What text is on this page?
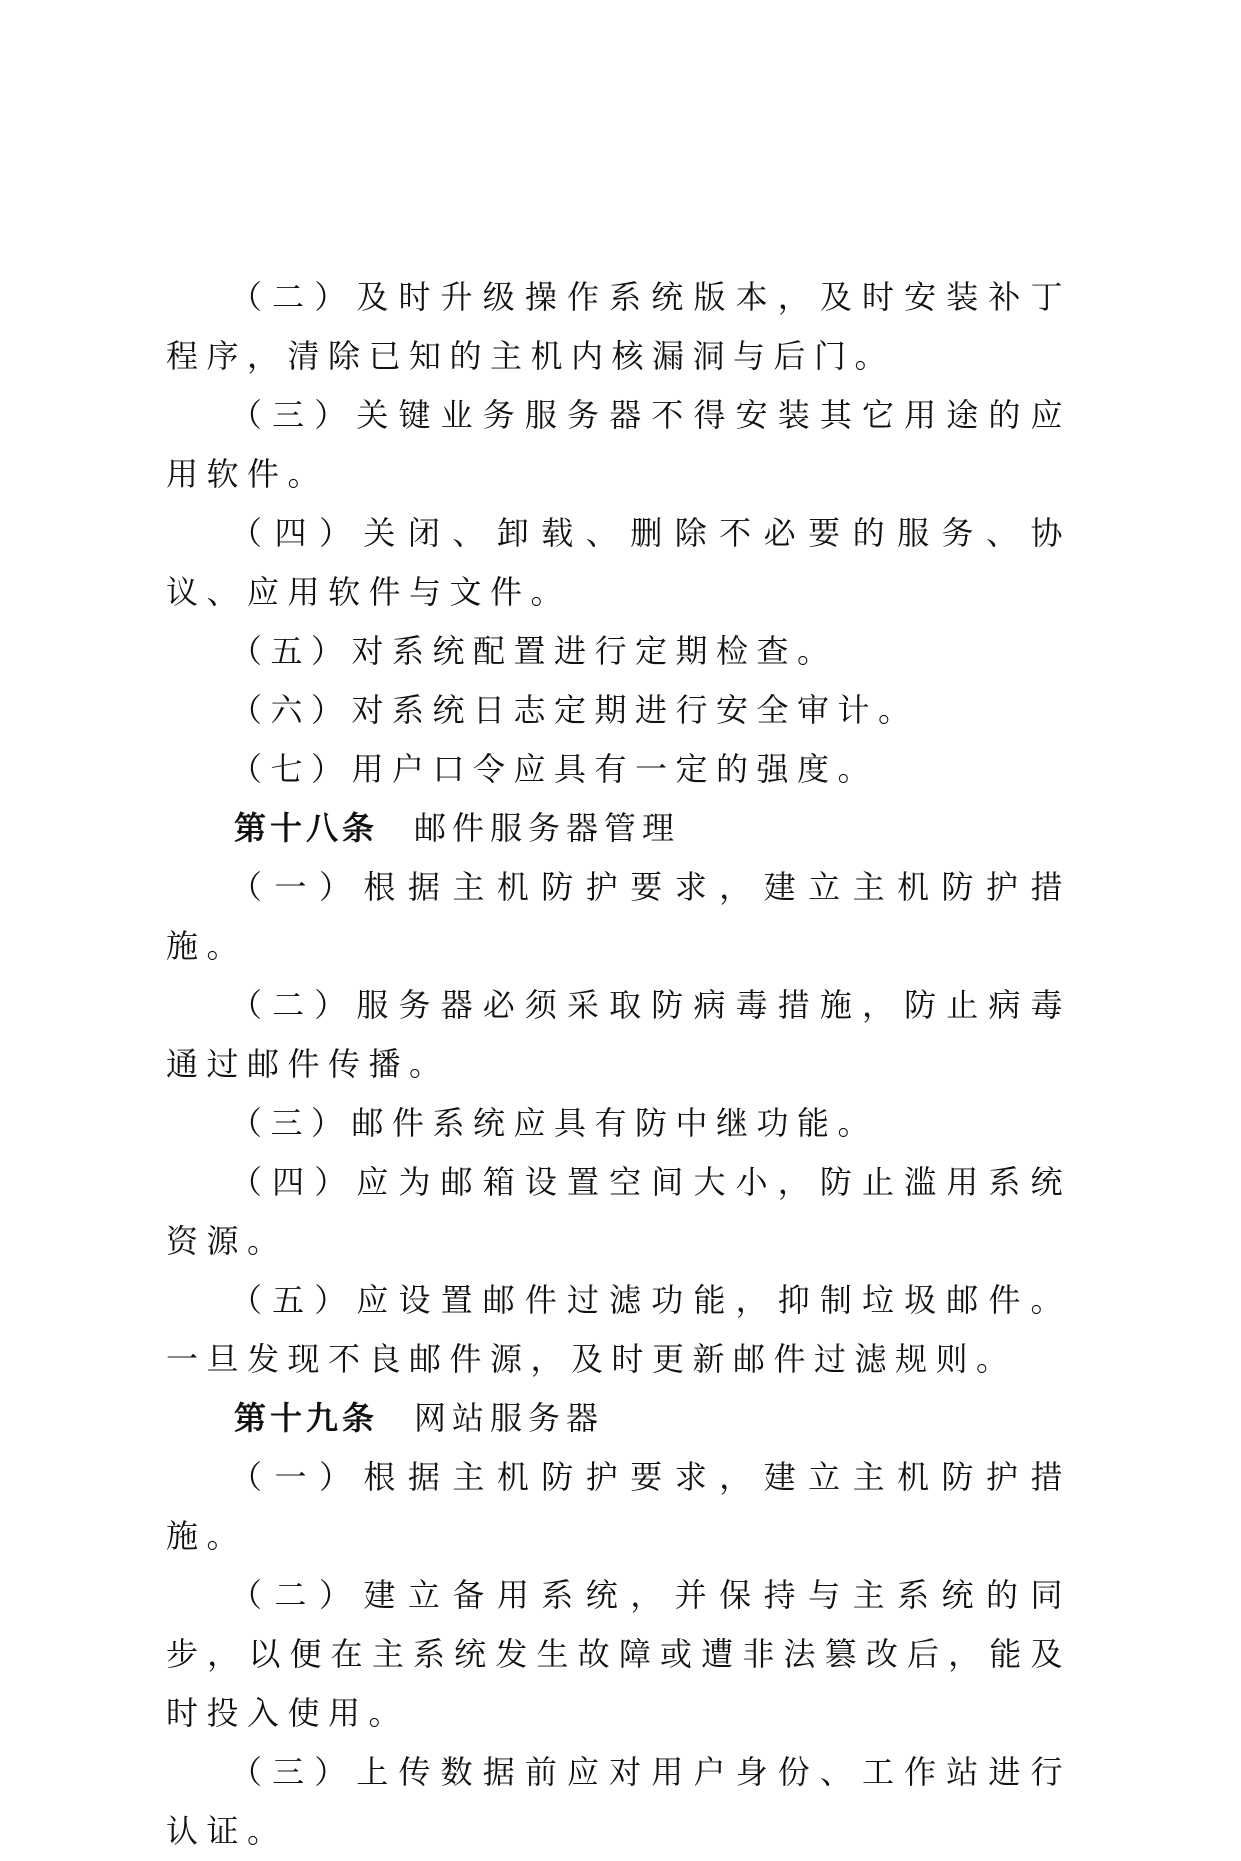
（二）及时升级操作系统版本，及时安装补丁程序，清除已知的主机内核漏洞与后门。

（三）关键业务服务器不得安装其它用途的应用软件。

（四）关闭、卸载、删除不必要的服务、协议、应用软件与文件。

（五）对系统配置进行定期检查。

（六）对系统日志定期进行安全审计。

（七）用户口令应具有一定的强度。

第十八条 邮件服务器管理

（一）根据主机防护要求，建立主机防护措施。

（二）服务器必须采取防病毒措施，防止病毒通过邮件传播。

（三）邮件系统应具有防中继功能。

（四）应为邮箱设置空间大小，防止滥用系统资源。

（五）应设置邮件过滤功能，抑制垃圾邮件。一旦发现不良邮件源，及时更新邮件过滤规则。

第十九条 网站服务器

（一）根据主机防护要求，建立主机防护措施。

（二）建立备用系统，并保持与主系统的同步，以便在主系统发生故障或遭非法篡改后，能及时投入使用。

（三）上传数据前应对用户身份、工作站进行认证。
